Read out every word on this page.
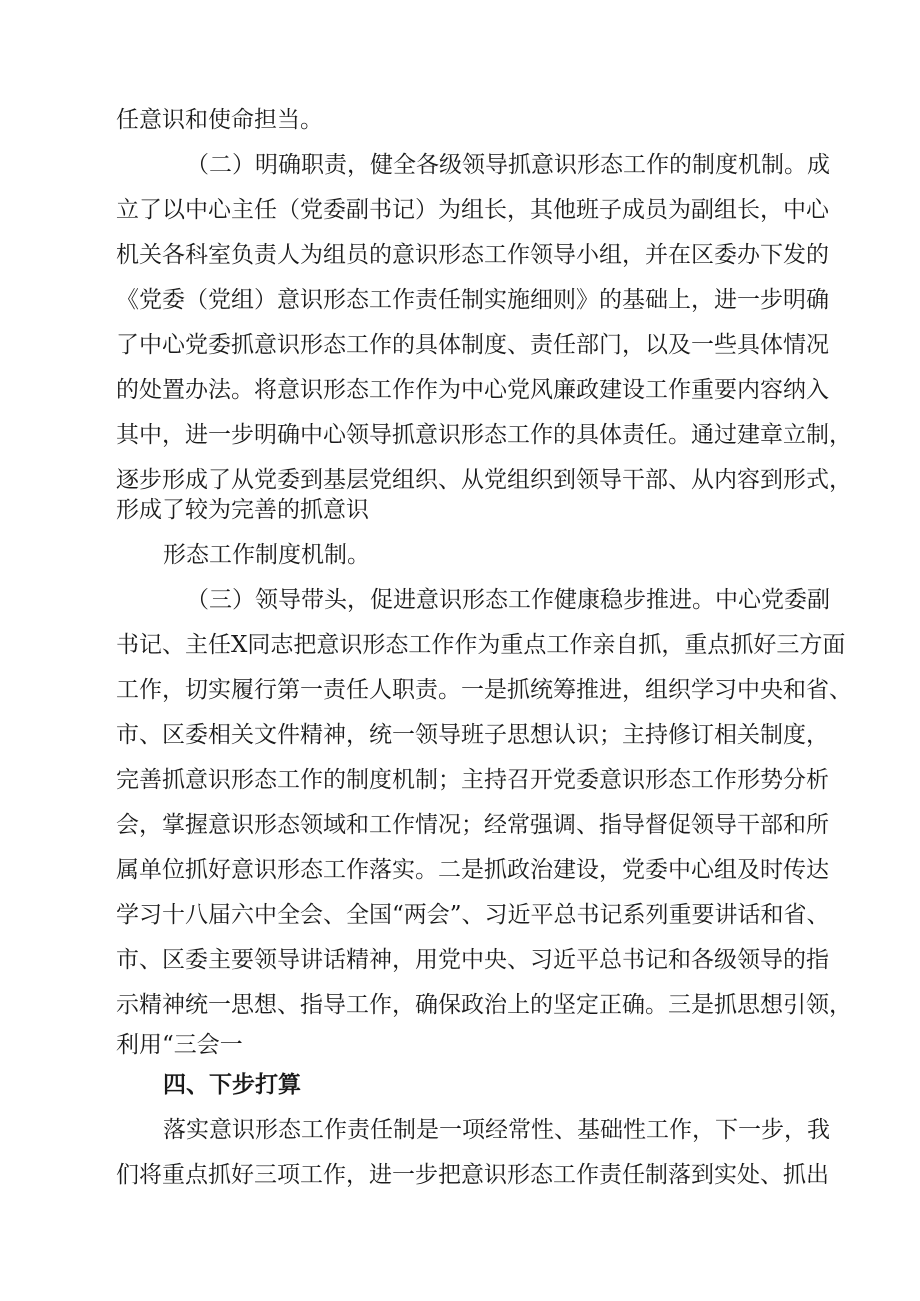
任意识和使命担当。
（二）明确职责，健全各级领导抓意识形态工作的制度机制。成
立了以中心主任（党委副书记）为组长，其他班子成员为副组长，中心
机关各科室负责人为组员的意识形态工作领导小组，并在区委办下发的
《党委（党组）意识形态工作责任制实施细则》的基础上，进一步明确
了中心党委抓意识形态工作的具体制度、责任部门，以及一些具体情况
的处置办法。将意识形态工作作为中心党风廉政建设工作重要内容纳入
其中，进一步明确中心领导抓意识形态工作的具体责任。通过建章立制，
逐步形成了从党委到基层党组织、从党组织到领导干部、从内容到形式，
形成了较为完善的抓意识
形态工作制度机制。
（三）领导带头，促进意识形态工作健康稳步推进。中心党委副
书记、主任X同志把意识形态工作作为重点工作亲自抓，重点抓好三方面
工作，切实履行第一责任人职责。一是抓统筹推进，组织学习中央和省、
市、区委相关文件精神，统一领导班子思想认识；主持修订相关制度，
完善抓意识形态工作的制度机制；主持召开党委意识形态工作形势分析
会，掌握意识形态领域和工作情况；经常强调、指导督促领导干部和所
属单位抓好意识形态工作落实。二是抓政治建设，党委中心组及时传达
学习十八届六中全会、全国“两会”、习近平总书记系列重要讲话和省、
市、区委主要领导讲话精神，用党中央、习近平总书记和各级领导的指
示精神统一思想、指导工作，确保政治上的坚定正确。三是抓思想引领，
利用“三会一
四、下步打算
落实意识形态工作责任制是一项经常性、基础性工作，下一步，我
们将重点抓好三项工作，进一步把意识形态工作责任制落到实处、抓出
